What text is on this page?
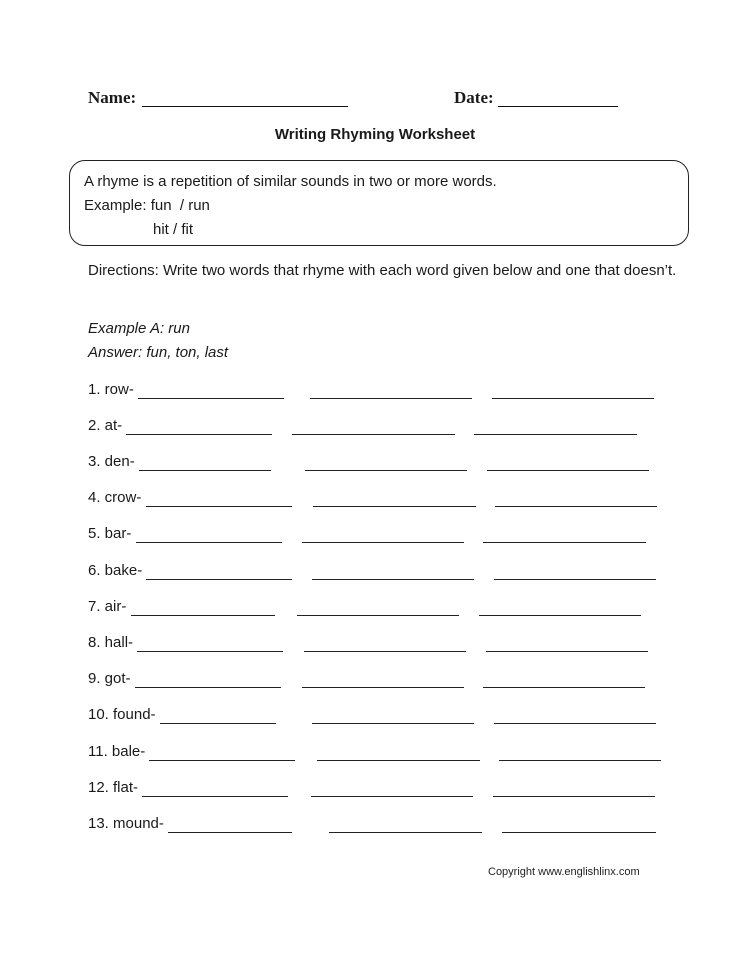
Name:	Date:
Writing Rhyming Worksheet
A rhyme is a repetition of similar sounds in two or more words.
Example: fun  / run
hit / fit
Directions: Write two words that rhyme with each word given below and one that doesn’t.
Example A: run
Answer: fun, ton, last
1. row-
2. at-
3. den-
4. crow-
5. bar-
6. bake-
7. air-
8. hall-
9. got-
10. found-
11. bale-
12. flat-
13. mound-
Copyright www.englishlinx.com
